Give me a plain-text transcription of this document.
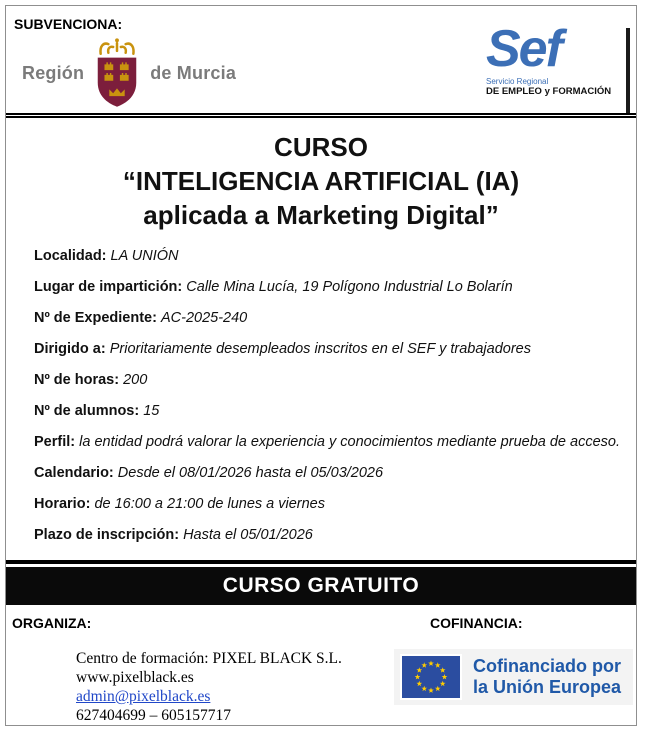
SUBVENCIONA:
Región	de Murcia	Sef
Servicio Regional
DE EMPLEO y FORMACIÓN
CURSO
“INTELIGENCIA ARTIFICIAL (IA)
aplicada a Marketing Digital”
Localidad: LA UNIÓN
Lugar de impartición: Calle Mina Lucía, 19 Polígono Industrial Lo Bolarín
Nº de Expediente: AC-2025-240
Dirigido a: Prioritariamente desempleados inscritos en el SEF y trabajadores
Nº de horas: 200
Nº de alumnos: 15
Perfil: la entidad podrá valorar la experiencia y conocimientos mediante prueba de acceso.
Calendario: Desde el 08/01/2026 hasta el 05/03/2026
Horario: de 16:00 a 21:00 de lunes a viernes
Plazo de inscripción: Hasta el 05/01/2026
CURSO GRATUITO
ORGANIZA:	COFINANCIA:
Centro de formación: PIXEL BLACK S.L.
www.pixelblack.es
admin@pixelblack.es
627404699 – 605157717
Cofinanciado por
la Unión Europea
